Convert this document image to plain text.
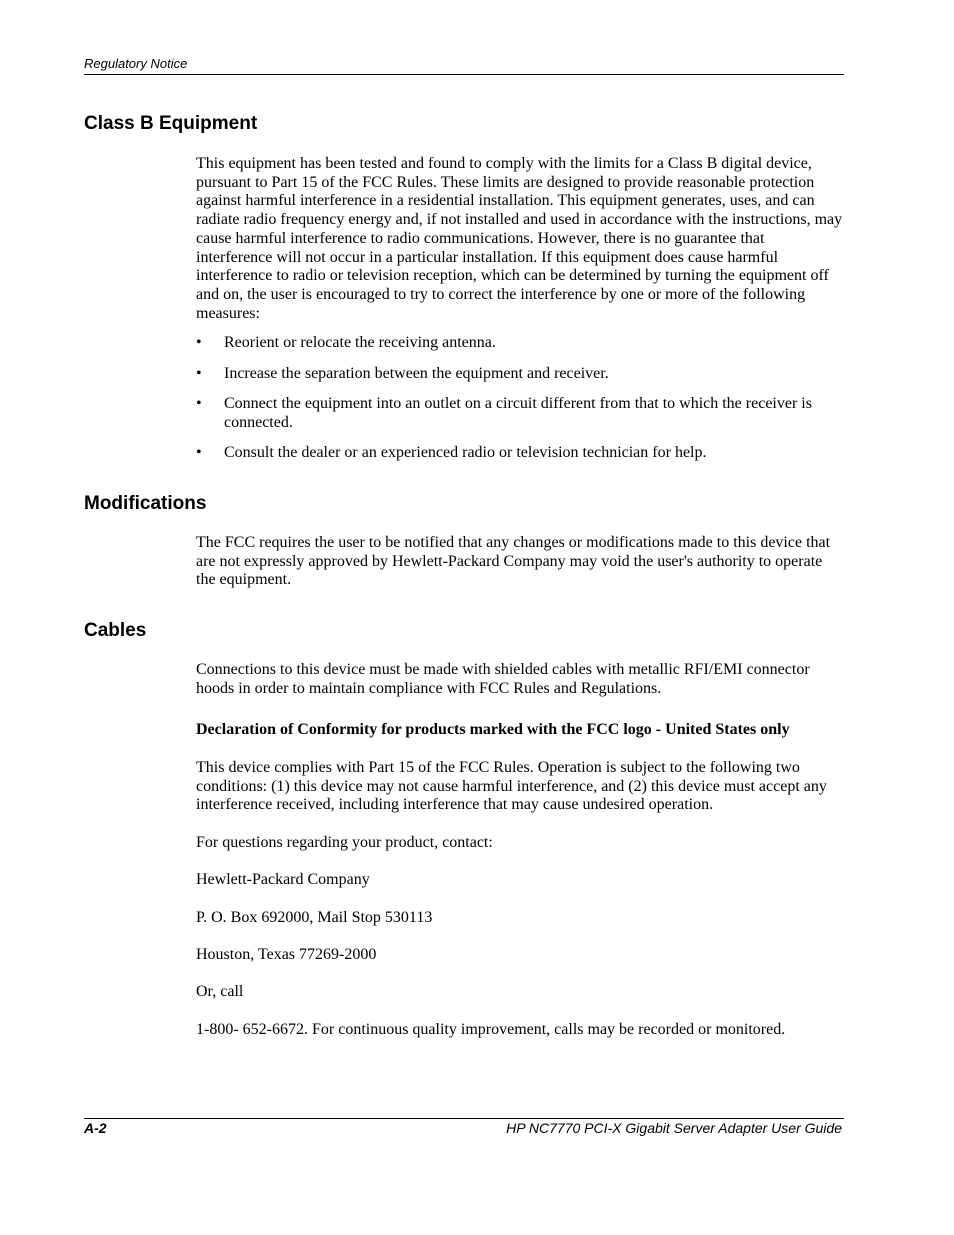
Regulatory Notice
Class B Equipment

This equipment has been tested and found to comply with the limits for a Class B digital device, pursuant to Part 15 of the FCC Rules. These limits are designed to provide reasonable protection against harmful interference in a residential installation. This equipment generates, uses, and can radiate radio frequency energy and, if not installed and used in accordance with the instructions, may cause harmful interference to radio communications. However, there is no guarantee that interference will not occur in a particular installation. If this equipment does cause harmful interference to radio or television reception, which can be determined by turning the equipment off and on, the user is encouraged to try to correct the interference by one or more of the following measures:

• Reorient or relocate the receiving antenna.
• Increase the separation between the equipment and receiver.
• Connect the equipment into an outlet on a circuit different from that to which the receiver is connected.
• Consult the dealer or an experienced radio or television technician for help.
Modifications

The FCC requires the user to be notified that any changes or modifications made to this device that are not expressly approved by Hewlett-Packard Company may void the user's authority to operate the equipment.

Cables

Connections to this device must be made with shielded cables with metallic RFI/EMI connector hoods in order to maintain compliance with FCC Rules and Regulations.

Declaration of Conformity for products marked with the FCC logo - United States only
This device complies with Part 15 of the FCC Rules. Operation is subject to the following two conditions: (1) this device may not cause harmful interference, and (2) this device must accept any interference received, including interference that may cause undesired operation.
For questions regarding your product, contact:
Hewlett-Packard Company
P. O. Box 692000, Mail Stop 530113
Houston, Texas 77269-2000
Or, call
1-800- 652-6672. For continuous quality improvement, calls may be recorded or monitored.
A-2	HP NC7770 PCI-X Gigabit Server Adapter User Guide
